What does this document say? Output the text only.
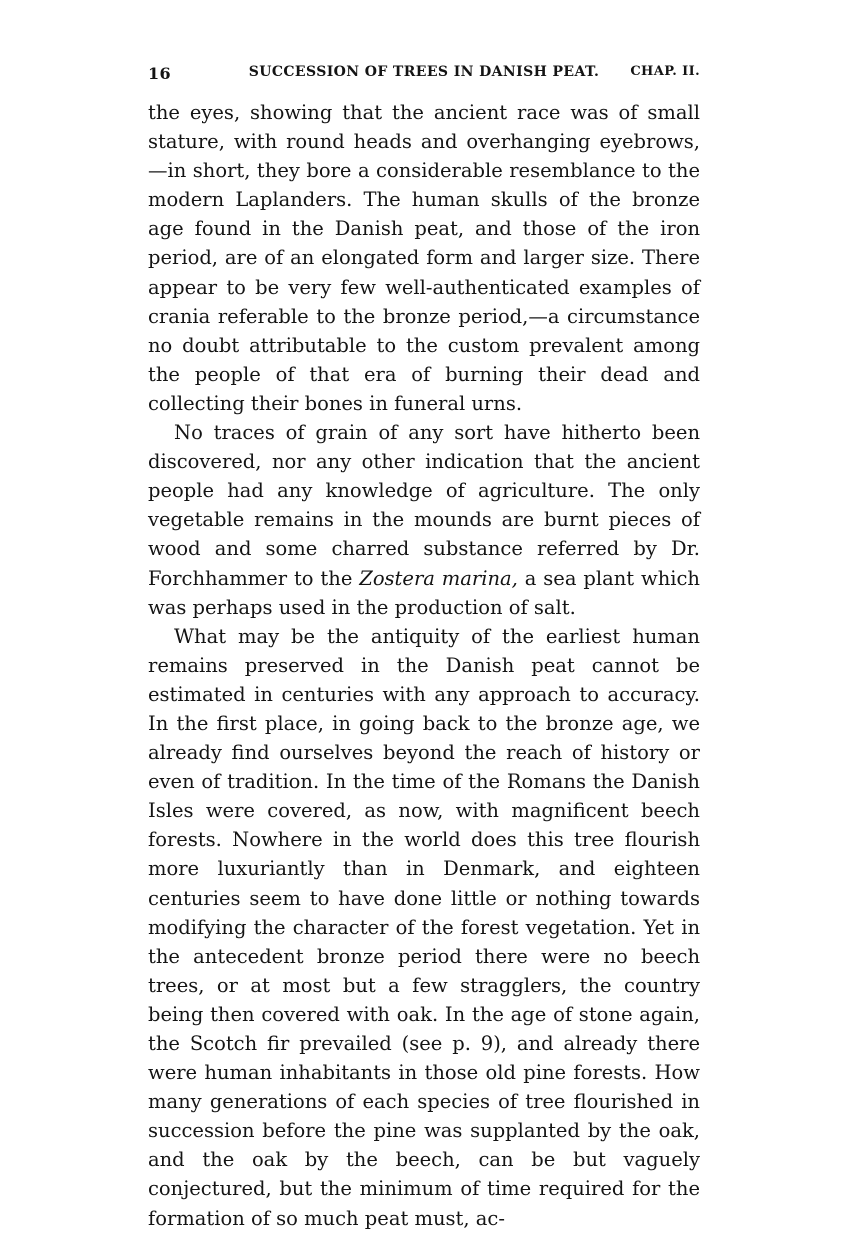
16	SUCCESSION OF TREES IN DANISH PEAT.	CHAP. II.

the eyes, showing that the ancient race was of small stature, with round heads and overhanging eyebrows,—in short, they bore a considerable resemblance to the modern Laplanders. The human skulls of the bronze age found in the Danish peat, and those of the iron period, are of an elongated form and larger size. There appear to be very few well-authenticated examples of crania referable to the bronze period,—a circumstance no doubt attributable to the custom prevalent among the people of that era of burning their dead and collecting their bones in funeral urns.

No traces of grain of any sort have hitherto been discovered, nor any other indication that the ancient people had any knowledge of agriculture. The only vegetable remains in the mounds are burnt pieces of wood and some charred substance referred by Dr. Forchhammer to the Zostera marina, a sea plant which was perhaps used in the production of salt.

What may be the antiquity of the earliest human remains preserved in the Danish peat cannot be estimated in centuries with any approach to accuracy. In the first place, in going back to the bronze age, we already find ourselves beyond the reach of history or even of tradition. In the time of the Romans the Danish Isles were covered, as now, with magnificent beech forests. Nowhere in the world does this tree flourish more luxuriantly than in Denmark, and eighteen centuries seem to have done little or nothing towards modifying the character of the forest vegetation. Yet in the antecedent bronze period there were no beech trees, or at most but a few stragglers, the country being then covered with oak. In the age of stone again, the Scotch fir prevailed (see p. 9), and already there were human inhabitants in those old pine forests. How many generations of each species of tree flourished in succession before the pine was supplanted by the oak, and the oak by the beech, can be but vaguely conjectured, but the minimum of time required for the formation of so much peat must, ac-
